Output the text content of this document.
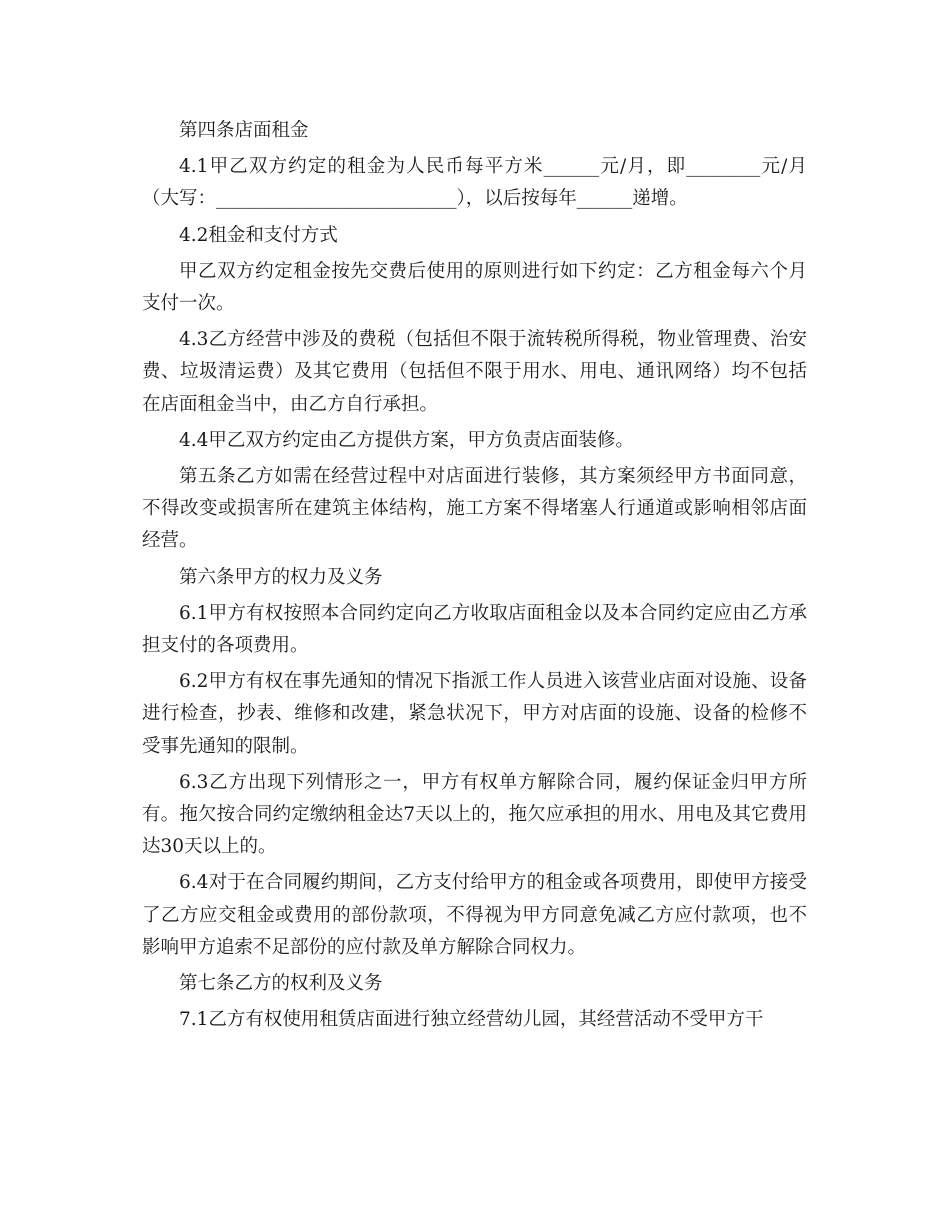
第四条店面租金

4.1甲乙双方约定的租金为人民币每平方米______元/月，即________元/月（大写：__________________________），以后按每年______递增。

4.2租金和支付方式

甲乙双方约定租金按先交费后使用的原则进行如下约定：乙方租金每六个月支付一次。

4.3乙方经营中涉及的费税（包括但不限于流转税所得税，物业管理费、治安费、垃圾清运费）及其它费用（包括但不限于用水、用电、通讯网络）均不包括在店面租金当中，由乙方自行承担。

4.4甲乙双方约定由乙方提供方案，甲方负责店面装修。

第五条乙方如需在经营过程中对店面进行装修，其方案须经甲方书面同意，不得改变或损害所在建筑主体结构，施工方案不得堵塞人行通道或影响相邻店面经营。

第六条甲方的权力及义务

6.1甲方有权按照本合同约定向乙方收取店面租金以及本合同约定应由乙方承担支付的各项费用。

6.2甲方有权在事先通知的情况下指派工作人员进入该营业店面对设施、设备进行检查，抄表、维修和改建，紧急状况下，甲方对店面的设施、设备的检修不受事先通知的限制。

6.3乙方出现下列情形之一，甲方有权单方解除合同，履约保证金归甲方所有。拖欠按合同约定缴纳租金达7天以上的，拖欠应承担的用水、用电及其它费用达30天以上的。

6.4对于在合同履约期间，乙方支付给甲方的租金或各项费用，即使甲方接受了乙方应交租金或费用的部份款项，不得视为甲方同意免减乙方应付款项，也不影响甲方追索不足部份的应付款及单方解除合同权力。

第七条乙方的权利及义务

7.1乙方有权使用租赁店面进行独立经营幼儿园，其经营活动不受甲方干
